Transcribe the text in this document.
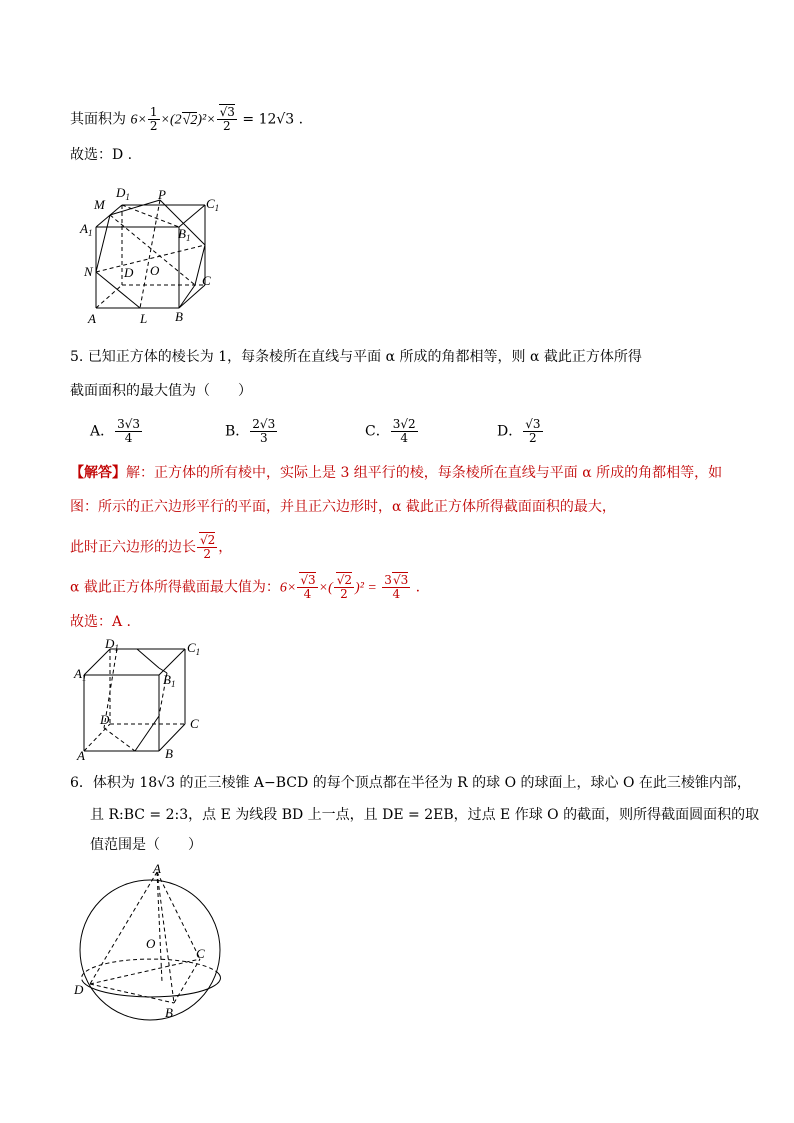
其面积为 $6\times \frac{1}{2} \times(2√2)^2\times \frac{√3}{2} = 12√3$ .
故选：D .
$D_1$ P
$C_1$
M
$A_1$	$B_1$
N D O
C
A	L B
5. 已知正方体的棱长为 1，每条棱所在直线与平面 α 所成的角都相等，则 α 截此正方体所得
截面面积的最大值为（　　）
A． $\frac{3√3}{4}$	B． $\frac{2√3}{3}$	C． $\frac{3√2}{4}$	D． $\frac{√3}{2}$
【解答】解：正方体的所有棱中，实际上是 3 组平行的棱，每条棱所在直线与平面 α 所成的角都相等，如
图：所示的正六边形平行的平面，并且正六边形时，α 截此正方体所得截面面积的最大，
此时正六边形的边长 $\frac{√2}{2}$ ，
α 截此正方体所得截面最大值为：$6\times \frac{√3}{4}$ ×( $\frac{√2}{2} )^2 = \frac{3√3}{4}$ .
故选：A .
$D_1$	$C_1$
$A_1$	$B_1$
D	C
A	B
6．体积为 18√3 的正三棱锥 A−BCD 的每个顶点都在半径为 R 的球 O 的球面上，球心 O 在此三棱锥内部，
且 R:BC = 2:3，点 E 为线段 BD 上一点，且 DE = 2EB，过点 E 作球 O 的截面，则所得截面圆面积的取
值范围是（　　）
A
O
C
D
B
